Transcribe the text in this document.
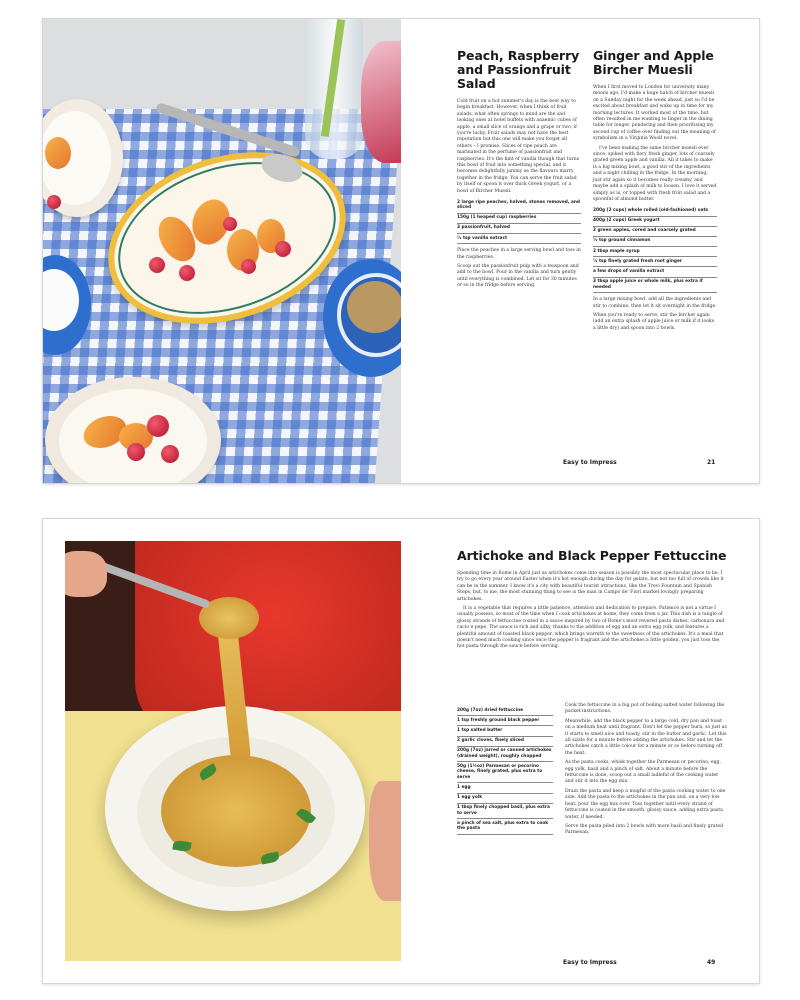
Peach, Raspberry and Passionfruit Salad

Cold fruit on a hot summer's day is the best way to begin breakfast. However, when I think of fruit salads, what often springs to mind are the sad looking ones at hotel buffets with anaemic cubes of apple, a small slice of orange and a grape or two, if you're lucky. Fruit salads may not have the best reputation but this one will make you forget all others – I promise. Slices of ripe peach are marinated in the perfume of passionfruit and raspberries. It's the hint of vanilla though that turns this bowl of fruit into something special, and it becomes delightfully jammy as the flavours marry together in the fridge. You can serve the fruit salad by itself or spoon it over thick Greek yogurt, or a bowl of Bircher Muesli.

2 large ripe peaches, halved, stones removed, and sliced
150g (1 heaped cup) raspberries
3 passionfruit, halved
½ tsp vanilla extract

Place the peaches in a large serving bowl and toss in the raspberries.

Scoop out the passionfruit pulp with a teaspoon and add to the bowl. Pour in the vanilla and turn gently until everything is combined. Let sit for 30 minutes or so in the fridge before serving.

Ginger and Apple Bircher Muesli

When I first moved to London for university many moons ago, I'd make a huge batch of bircher muesli on a Sunday night for the week ahead, just so I'd be excited about breakfast and wake up in time for my morning lectures. It worked most of the time, but often resulted in me wanting to linger in the dining table for longer, pondering and then prioritising my second cup of coffee over finding out the meaning of symbolism in a Virginia Woolf novel.

I've been making the same bircher muesli ever since, spiked with fiery fresh ginger, lots of coarsely grated green apple and vanilla. All it takes to make is a big mixing bowl, a good stir of the ingredients and a night chilling in the fridge. In the morning, just stir again so it becomes really creamy, and maybe add a splash of milk to loosen. I love it served simply as is, or topped with fresh fruit salad and a spoonful of almond butter.

200g (2 cups) whole rolled (old-fashioned) oats
400g (2 cups) Greek yogurt
2 green apples, cored and coarsely grated
½ tsp ground cinnamon
2 tbsp maple syrup
½ tsp finely grated fresh root ginger
a few drops of vanilla extract
3 tbsp apple juice or whole milk, plus extra if needed

In a large mixing bowl, add all the ingredients and stir to combine, then let it sit overnight in the fridge.

When you're ready to serve, stir the bircher again (add an extra splash of apple juice or milk if it looks a little dry) and spoon into 2 bowls.

Easy to Impress	21
Artichoke and Black Pepper Fettuccine

Spending time in Rome in April just as artichokes come into season is possibly the most spectacular place to be. I try to go every year around Easter when it's hot enough during the day for gelato, but not too full of crowds like it can be in the summer. I know it's a city with beautiful tourist attractions, like the Trevi Fountain and Spanish Steps, but, to me, the most stunning thing to see is the man in Campo de' Fiori market lovingly preparing artichokes.

It is a vegetable that requires a little patience, attention and dedication to prepare. Patience is not a virtue I usually possess, so most of the time when I cook artichokes at home, they come from a jar. This dish is a tangle of glossy strands of fettuccine coated in a sauce inspired by two of Rome's most revered pasta dishes, carbonara and cacio e pepe. The sauce is rich and silky, thanks to the addition of egg and an extra egg yolk, and features a plentiful amount of toasted black pepper, which brings warmth to the sweetness of the artichokes. It's a meal that doesn't need much cooking since once the pepper is fragrant and the artichokes a little golden, you just toss the hot pasta through the sauce before serving.

200g (7oz) dried fettuccine
1 tsp freshly ground black pepper
1 tsp salted butter
2 garlic cloves, finely sliced
200g (7oz) jarred or canned artichokes (drained weight), roughly chopped
50g (1¾oz) Parmesan or pecorino cheese, finely grated, plus extra to serve
1 egg
1 egg yolk
1 tbsp finely chopped basil, plus extra to serve
a pinch of sea salt, plus extra to cook the pasta

Cook the fettuccine in a big pot of boiling salted water following the packet instructions.

Meanwhile, add the black pepper to a large cold, dry pan and toast on a medium heat until fragrant. Don't let the pepper burn, so just as it starts to smell nice and toasty, stir in the butter and garlic. Let this all sizzle for a minute before adding the artichokes. Stir and let the artichokes catch a little colour for a minute or so before turning off the heat.

As the pasta cooks, whisk together the Parmesan or pecorino, egg, egg yolk, basil and a pinch of salt. About a minute before the fettuccine is done, scoop out a small ladleful of the cooking water and stir it into the egg mix.

Drain the pasta and keep a mugful of the pasta cooking water to one side. Add the pasta to the artichokes in the pan and, on a very low heat, pour the egg mix over. Toss together until every strand of fettuccine is coated in the smooth, glossy sauce, adding extra pasta water, if needed.

Serve the pasta piled into 2 bowls with more basil and finely grated Parmesan.

Easy to Impress	49
